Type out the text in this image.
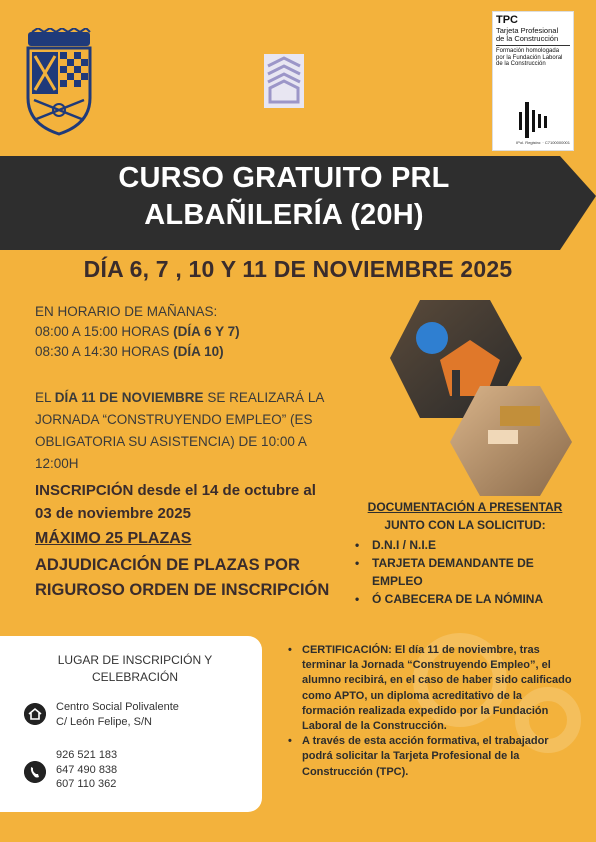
TPC
Tarjeta Profesional
de la Construcción
Formación homologada
por la Fundación Laboral
de la Construcción
IPol. Registro: · C7100000001
CURSO GRATUITO PRL
ALBAÑILERÍA (20H)
DÍA 6, 7 , 10 Y 11 DE NOVIEMBRE 2025
EN HORARIO DE MAÑANAS:
08:00 A 15:00 HORAS (DÍA 6 Y 7)
08:30 A 14:30 HORAS (DÍA 10)
EL DÍA 11 DE NOVIEMBRE SE REALIZARÁ LA JORNADA “CONSTRUYENDO EMPLEO” (ES OBLIGATORIA SU ASISTENCIA) DE 10:00 A 12:00H
INSCRIPCIÓN desde el 14 de octubre al 03 de noviembre 2025
MÁXIMO 25 PLAZAS
ADJUDICACIÓN DE PLAZAS POR RIGUROSO ORDEN DE INSCRIPCIÓN
DOCUMENTACIÓN A PRESENTAR
JUNTO CON LA SOLICITUD:
• D.N.I / N.I.E
• TARJETA DEMANDANTE DE EMPLEO
• Ó CABECERA DE LA NÓMINA
LUGAR DE INSCRIPCIÓN Y CELEBRACIÓN
Centro Social Polivalente
C/ León Felipe, S/N
926 521 183
647 490 838
607 110 362
• CERTIFICACIÓN: El día 11 de noviembre, tras terminar la Jornada “Construyendo Empleo”, el alumno recibirá, en el caso de haber sido calificado como APTO, un diploma acreditativo de la formación realizada expedido por la Fundación Laboral de la Construcción.
• A través de esta acción formativa, el trabajador podrá solicitar la Tarjeta Profesional de la Construcción (TPC).
